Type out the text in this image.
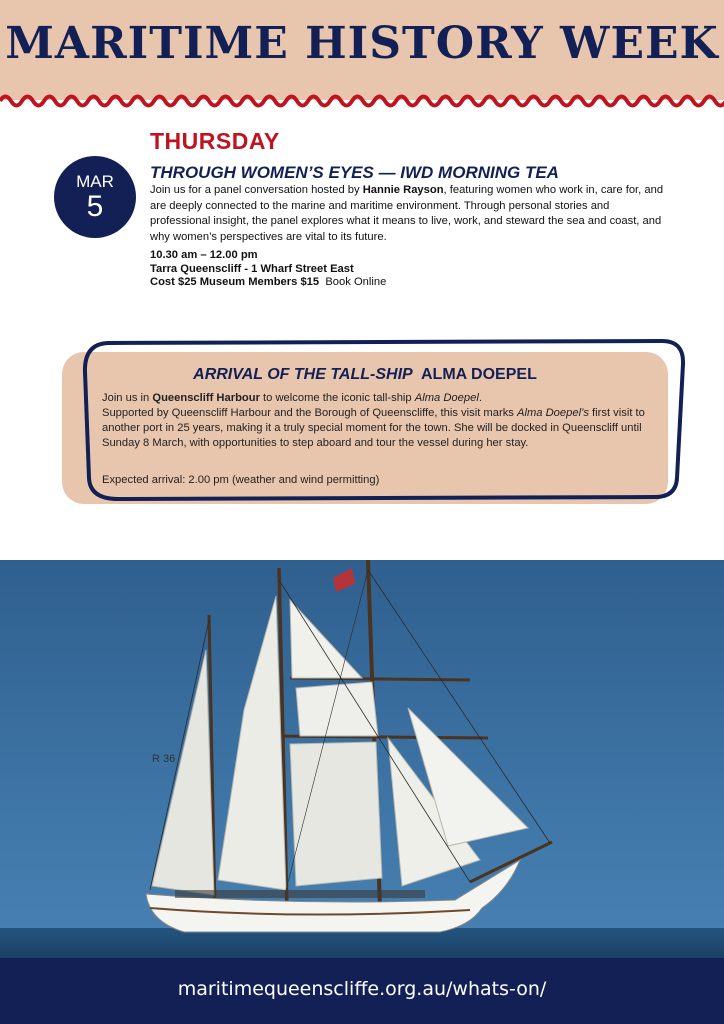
MARITIME HISTORY WEEK
THURSDAY
MAR
5
THROUGH WOMEN’S EYES — IWD MORNING TEA
Join us for a panel conversation hosted by Hannie Rayson, featuring women who work in, care for, and are deeply connected to the marine and maritime environment. Through personal stories and professional insight, the panel explores what it means to live, work, and steward the sea and coast, and why women’s perspectives are vital to its future.
10.30 am – 12.00 pm
Tarra Queenscliff - 1 Wharf Street East
Cost $25 Museum Members $15 Book Online
ARRIVAL OF THE TALL-SHIP ALMA DOEPEL
Join us in Queenscliff Harbour to welcome the iconic tall-ship Alma Doepel.
Supported by Queenscliff Harbour and the Borough of Queenscliffe, this visit marks Alma Doepel’s first visit to another port in 25 years, making it a truly special moment for the town. She will be docked in Queenscliff until Sunday 8 March, with opportunities to step aboard and tour the vessel during her stay.
Expected arrival: 2.00 pm (weather and wind permitting)
R 36
maritimequeenscliffe.org.au/whats-on/
